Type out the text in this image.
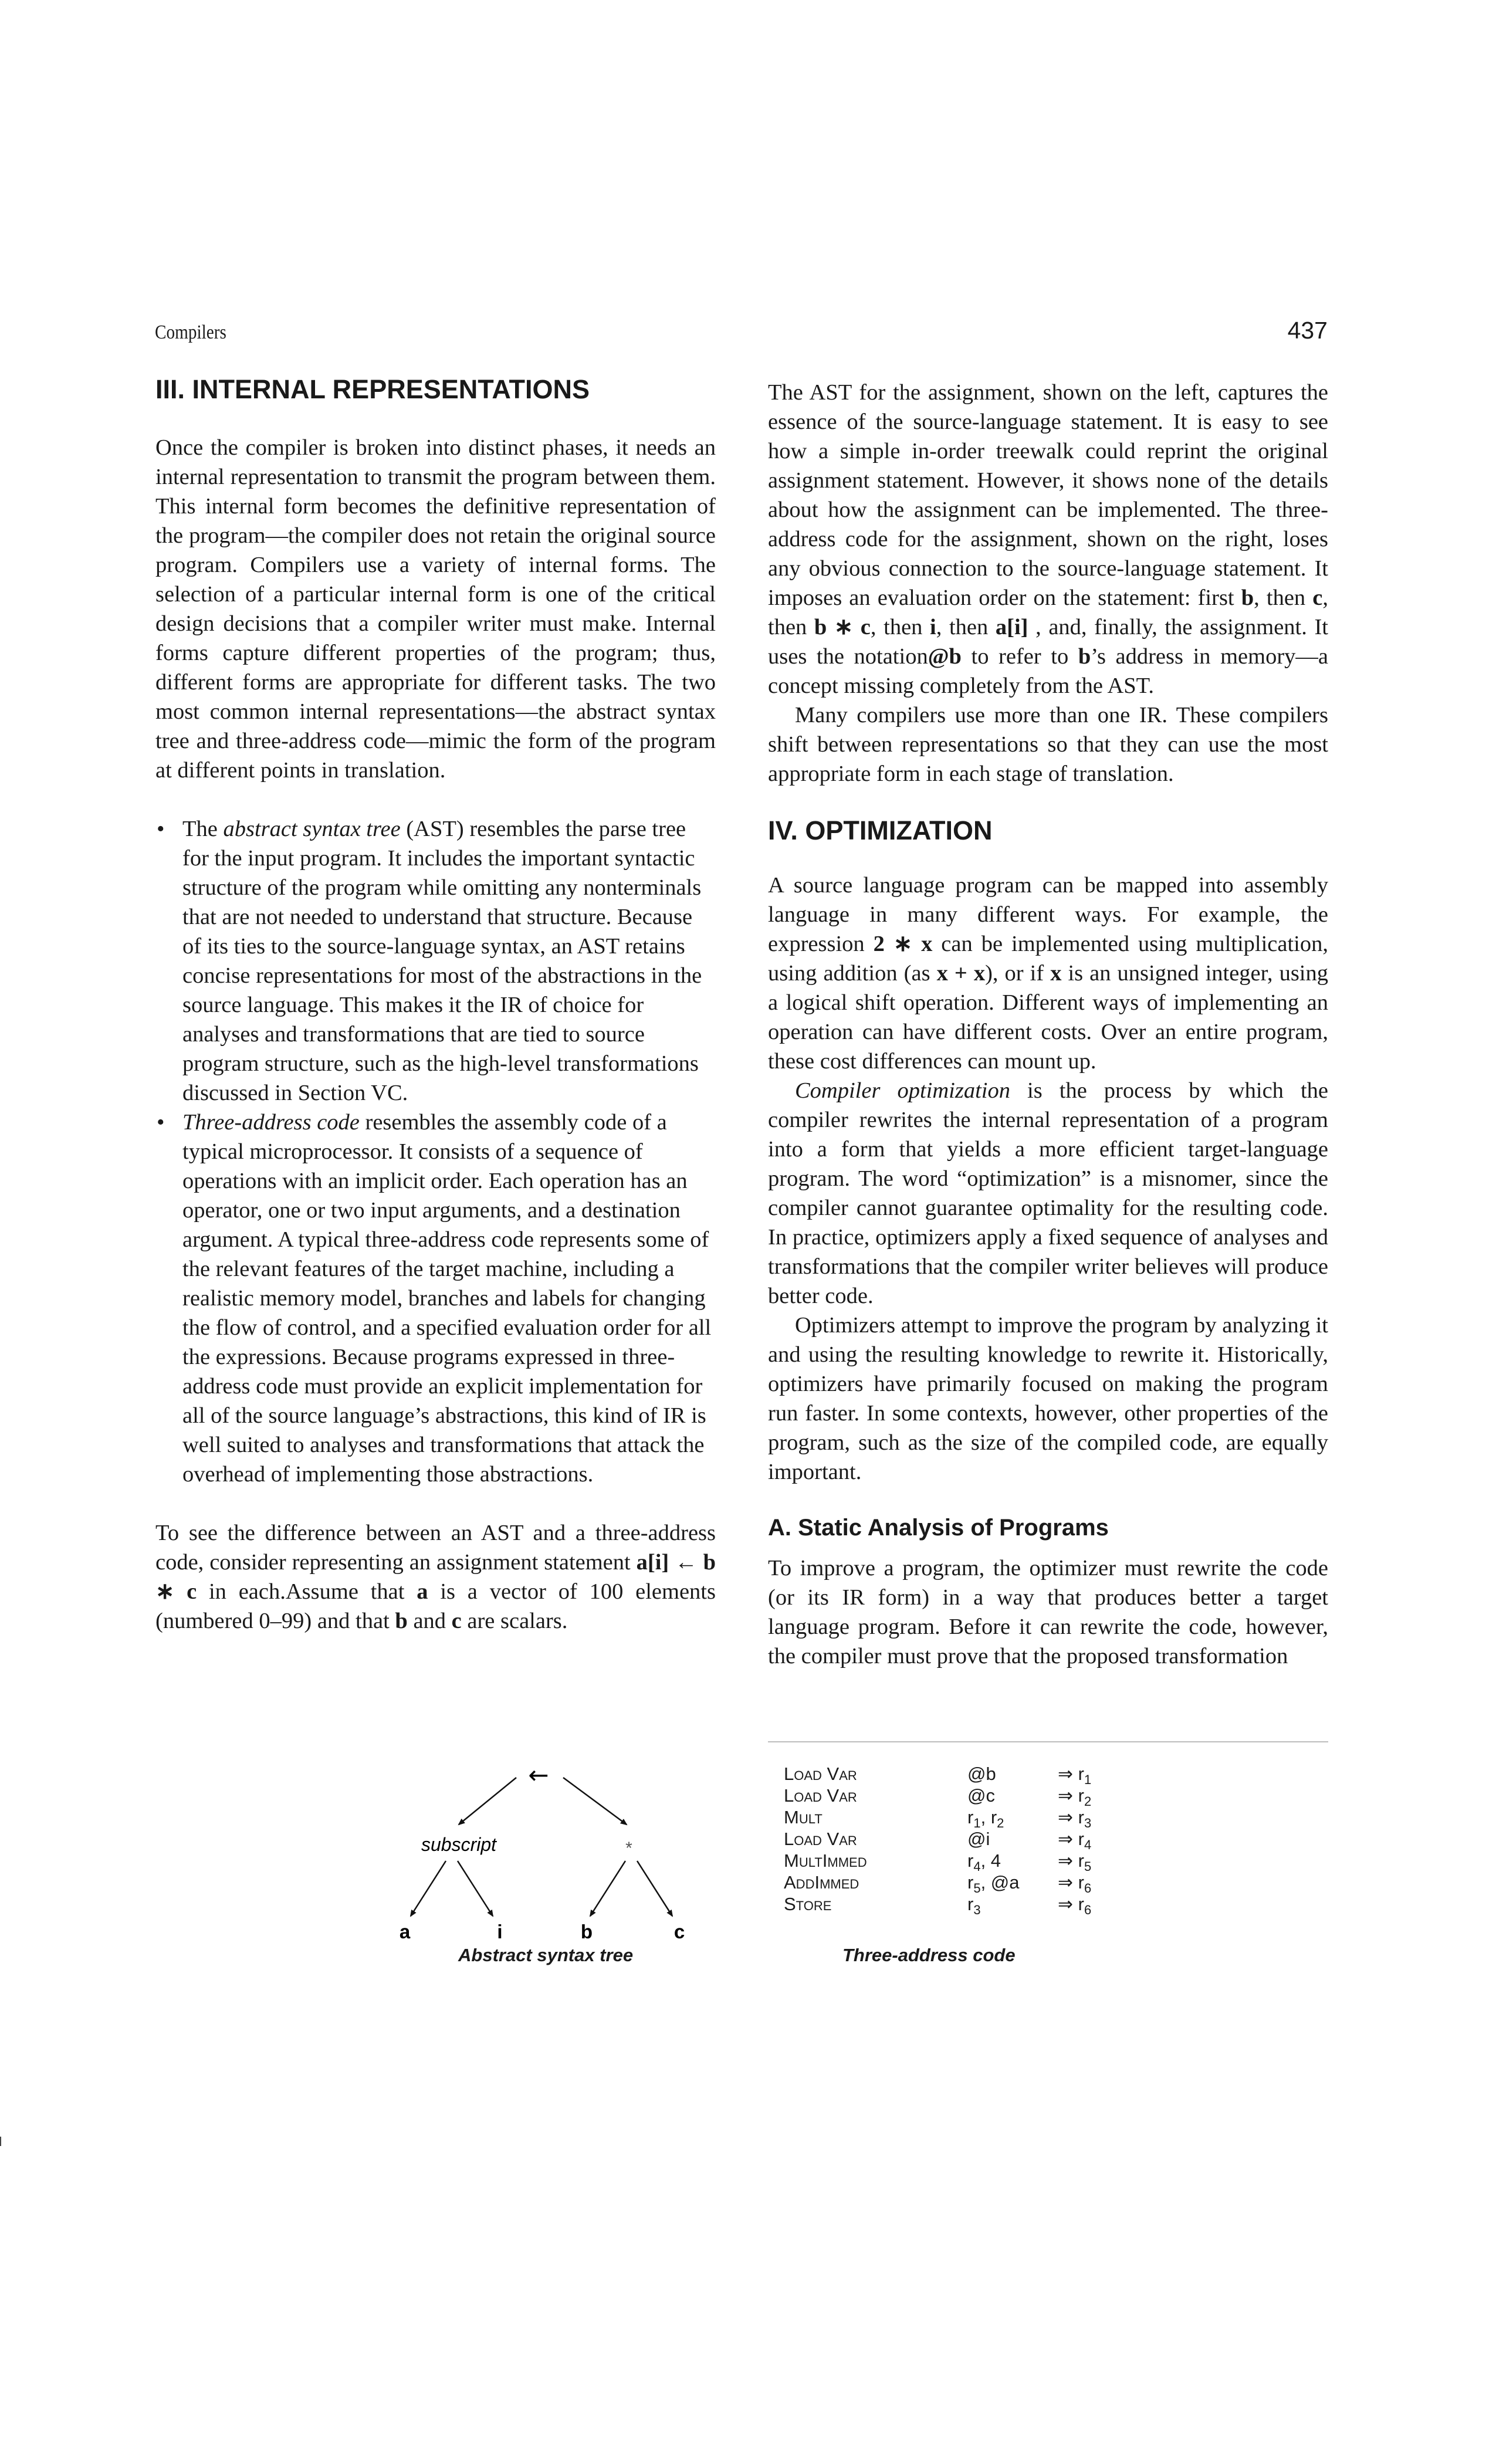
Compilers	437
III. INTERNAL REPRESENTATIONS

Once the compiler is broken into distinct phases, it needs an internal representation to transmit the program between them. This internal form becomes the definitive representation of the program—the compiler does not retain the original source program. Compilers use a variety of internal forms. The selection of a particular internal form is one of the critical design decisions that a compiler writer must make. Internal forms capture different properties of the program; thus, different forms are appropriate for different tasks. The two most common internal representations—the abstract syntax tree and three-address code—mimic the form of the program at different points in translation.

• The abstract syntax tree (AST) resembles the parse tree for the input program. It includes the important syntactic structure of the program while omitting any nonterminals that are not needed to understand that structure. Because of its ties to the source-language syntax, an AST retains concise representations for most of the abstractions in the source language. This makes it the IR of choice for analyses and transformations that are tied to source program structure, such as the high-level transformations discussed in Section VC.
• Three-address code resembles the assembly code of a typical microprocessor. It consists of a sequence of operations with an implicit order. Each operation has an operator, one or two input arguments, and a destination argument. A typical three-address code represents some of the relevant features of the target machine, including a realistic memory model, branches and labels for changing the flow of control, and a specified evaluation order for all the expressions. Because programs expressed in three-address code must provide an explicit implementation for all of the source language’s abstractions, this kind of IR is well suited to analyses and transformations that attack the overhead of implementing those abstractions.

To see the difference between an AST and a three-address code, consider representing an assignment statement a[i] ← b ∗ c in each.Assume that a is a vector of 100 elements (numbered 0–99) and that b and c are scalars.

The AST for the assignment, shown on the left, captures the essence of the source-language statement. It is easy to see how a simple in-order treewalk could reprint the original assignment statement. However, it shows none of the details about how the assignment can be implemented. The three-address code for the assignment, shown on the right, loses any obvious connection to the source-language statement. It imposes an evaluation order on the statement: first b, then c, then b ∗ c, then i, then a[i] , and, finally, the assignment. It uses the notation@b to refer to b’s address in memory—a concept missing completely from the AST.

Many compilers use more than one IR. These compilers shift between representations so that they can use the most appropriate form in each stage of translation.

IV. OPTIMIZATION

A source language program can be mapped into assembly language in many different ways. For example, the expression 2 ∗ x can be implemented using multiplication, using addition (as x + x), or if x is an unsigned integer, using a logical shift operation. Different ways of implementing an operation can have different costs. Over an entire program, these cost differences can mount up.

Compiler optimization is the process by which the compiler rewrites the internal representation of a program into a form that yields a more efficient target-language program. The word “optimization” is a misnomer, since the compiler cannot guarantee optimality for the resulting code. In practice, optimizers apply a fixed sequence of analyses and transformations that the compiler writer believes will produce better code.

Optimizers attempt to improve the program by analyzing it and using the resulting knowledge to rewrite it. Historically, optimizers have primarily focused on making the program run faster. In some contexts, however, other properties of the program, such as the size of the compiled code, are equally important.

A. Static Analysis of Programs

To improve a program, the optimizer must rewrite the code (or its IR form) in a way that produces better a target language program. Before it can rewrite the code, however, the compiler must prove that the proposed transformation

←
subscript	*
a	i	b	c
Abstract syntax tree
Load Var	@b	⇒ $r_1$
Load Var	@c	⇒ $r_2$
Mult	$r_1$, $r_2$	⇒ $r_3$
Load Var	@i	⇒ $r_4$
MultImmed	$r_4$, 4	⇒ $r_5$
AddImmed	$r_5$, @a	⇒ $r_6$
Store	$r_3$	⇒ $r_6$
Three-address code
